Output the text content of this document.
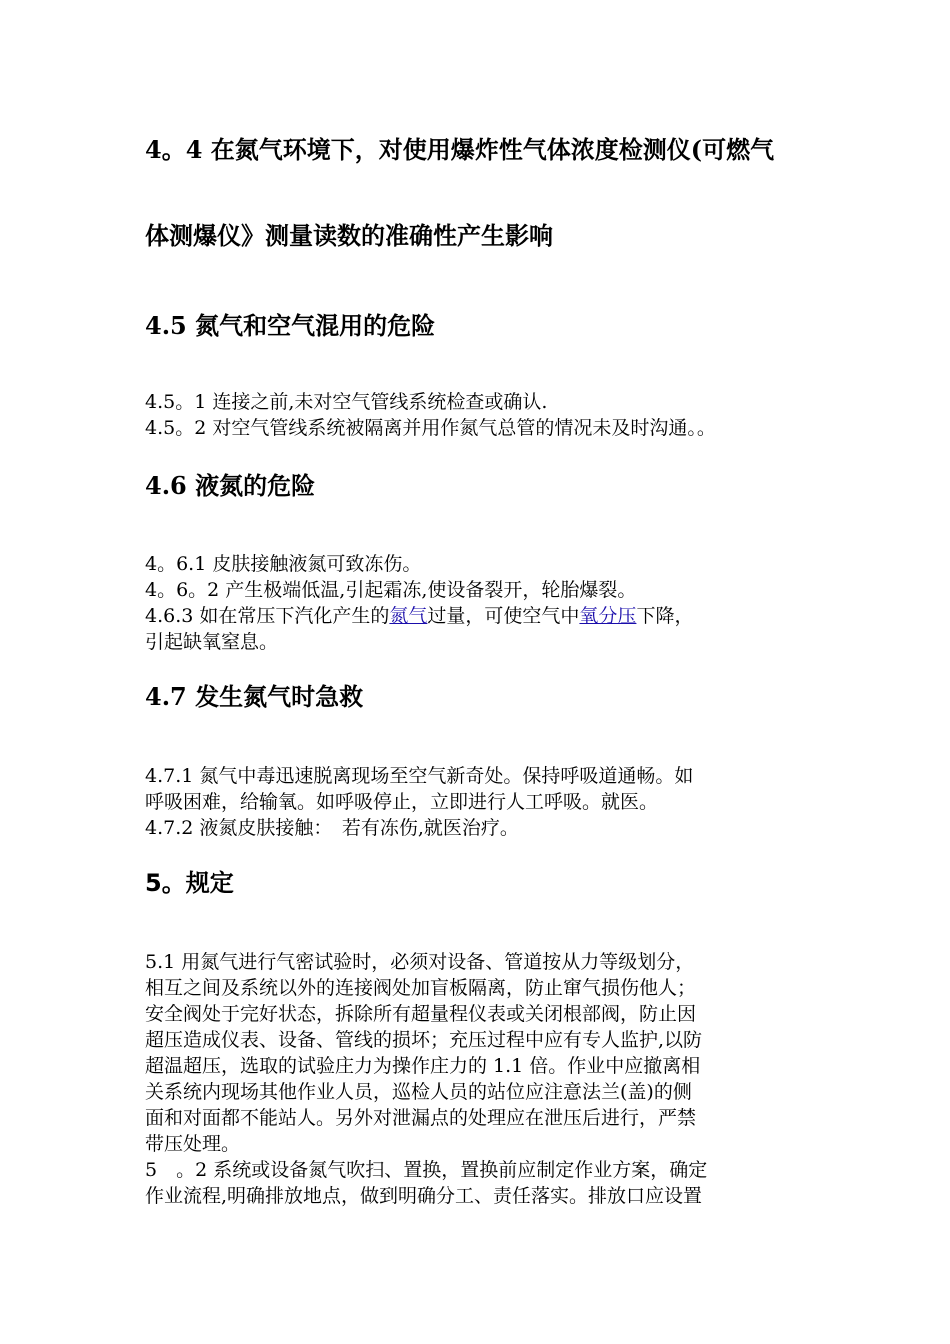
4。4 在氮气环境下，对使用爆炸性气体浓度检测仪(可燃气
体测爆仪》测量读数的准确性产生影响
4.5 氮气和空气混用的危险
4.5。1 连接之前,未对空气管线系统检查或确认.
4.5。2 对空气管线系统被隔离并用作氮气总管的情况未及时沟通。。
4.6 液氮的危险
4。6.1 皮肤接触液氮可致冻伤。
4。6。2 产生极端低温,引起霜冻,使设备裂开，轮胎爆裂。
4.6.3 如在常压下汽化产生的氮气过量，可使空气中氧分压下降，
引起缺氧窒息。
4.7 发生氮气时急救
4.7.1 氮气中毒迅速脱离现场至空气新奇处。保持呼吸道通畅。如
呼吸困难，给输氧。如呼吸停止，立即进行人工呼吸。就医。
4.7.2 液氮皮肤接触：　若有冻伤,就医治疗。
5。规定
5.1 用氮气进行气密试验时，必须对设备、管道按从力等级划分，
相互之间及系统以外的连接阀处加盲板隔离，防止窜气损伤他人；
安全阀处于完好状态，拆除所有超量程仪表或关闭根部阀，防止因
超压造成仪表、设备、管线的损坏；充压过程中应有专人监护,以防
超温超压，选取的试验庄力为操作庄力的 1.1 倍。作业中应撤离相
关系统内现场其他作业人员，巡检人员的站位应注意法兰(盖)的侧
面和对面都不能站人。另外对泄漏点的处理应在泄压后进行，严禁
带压处理。
5　。2 系统或设备氮气吹扫、置换，置换前应制定作业方案，确定
作业流程,明确排放地点，做到明确分工、责任落实。排放口应设置
